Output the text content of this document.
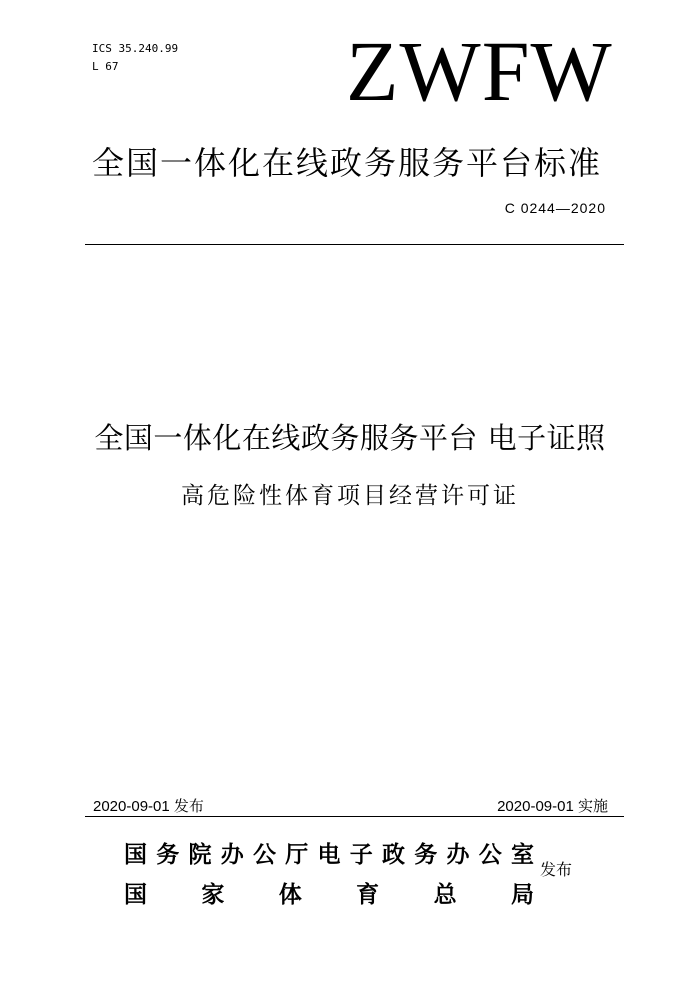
ICS 35.240.99
L 67	ZWFW
全国一体化在线政务服务平台标准
C 0244—2020
全国一体化在线政务服务平台 电子证照
高危险性体育项目经营许可证
2020-09-01 发布	2020-09-01 实施
国 务 院 办 公 厅 电 子 政 务 办 公 室
国 家 体 育 总 局
发布
